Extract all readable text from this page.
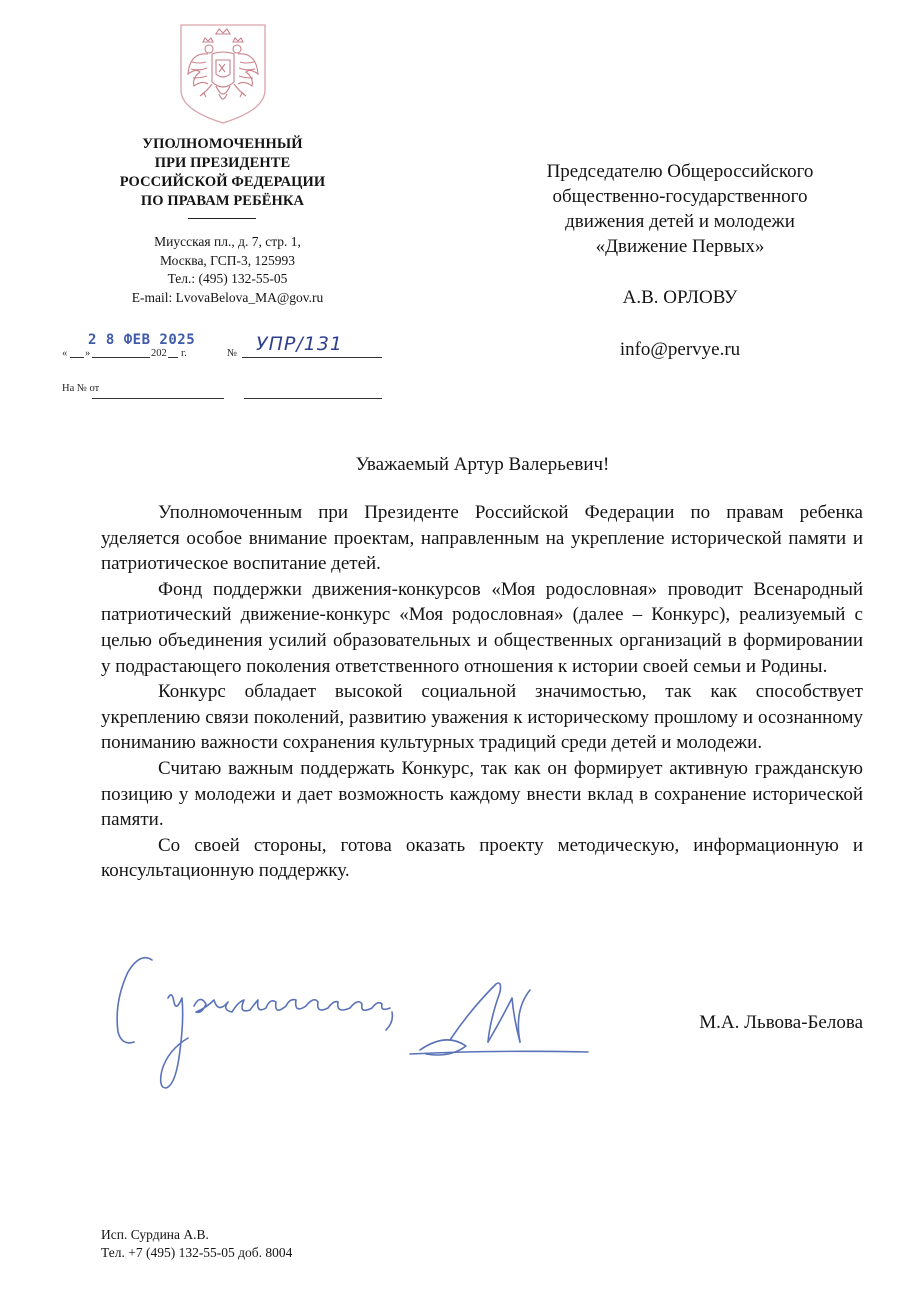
УПОЛНОМОЧЕННЫЙ
ПРИ ПРЕЗИДЕНТЕ
РОССИЙСКОЙ ФЕДЕРАЦИИ
ПО ПРАВАМ РЕБЁНКА
Миусская пл., д. 7, стр. 1,
Москва, ГСП-3, 125993
Тел.: (495) 132-55-05
E-mail: LvovaBelova_MA@gov.ru
« »	202 г.	№
2 8 ФЕВ 2025	УПР/131
На № от
Председателю Общероссийского
общественно-государственного
движения детей и молодежи
«Движение Первых»
А.В. ОРЛОВУ
info@pervye.ru
Уважаемый Артур Валерьевич!

Уполномоченным при Президенте Российской Федерации по правам ребенка уделяется особое внимание проектам, направленным на укрепление исторической памяти и патриотическое воспитание детей.

Фонд поддержки движения-конкурсов «Моя родословная» проводит Всенародный патриотический движение-конкурс «Моя родословная» (далее – Конкурс), реализуемый с целью объединения усилий образовательных и общественных организаций в формировании у подрастающего поколения ответственного отношения к истории своей семьи и Родины.

Конкурс обладает высокой социальной значимостью, так как способствует укреплению связи поколений, развитию уважения к историческому прошлому и осознанному пониманию важности сохранения культурных традиций среди детей и молодежи.

Считаю важным поддержать Конкурс, так как он формирует активную гражданскую позицию у молодежи и дает возможность каждому внести вклад в сохранение исторической памяти.

Со своей стороны, готова оказать проекту методическую, информационную и консультационную поддержку.

М.А. Львова-Белова
Исп. Сурдина А.В.
Тел. +7 (495) 132-55-05 доб. 8004
